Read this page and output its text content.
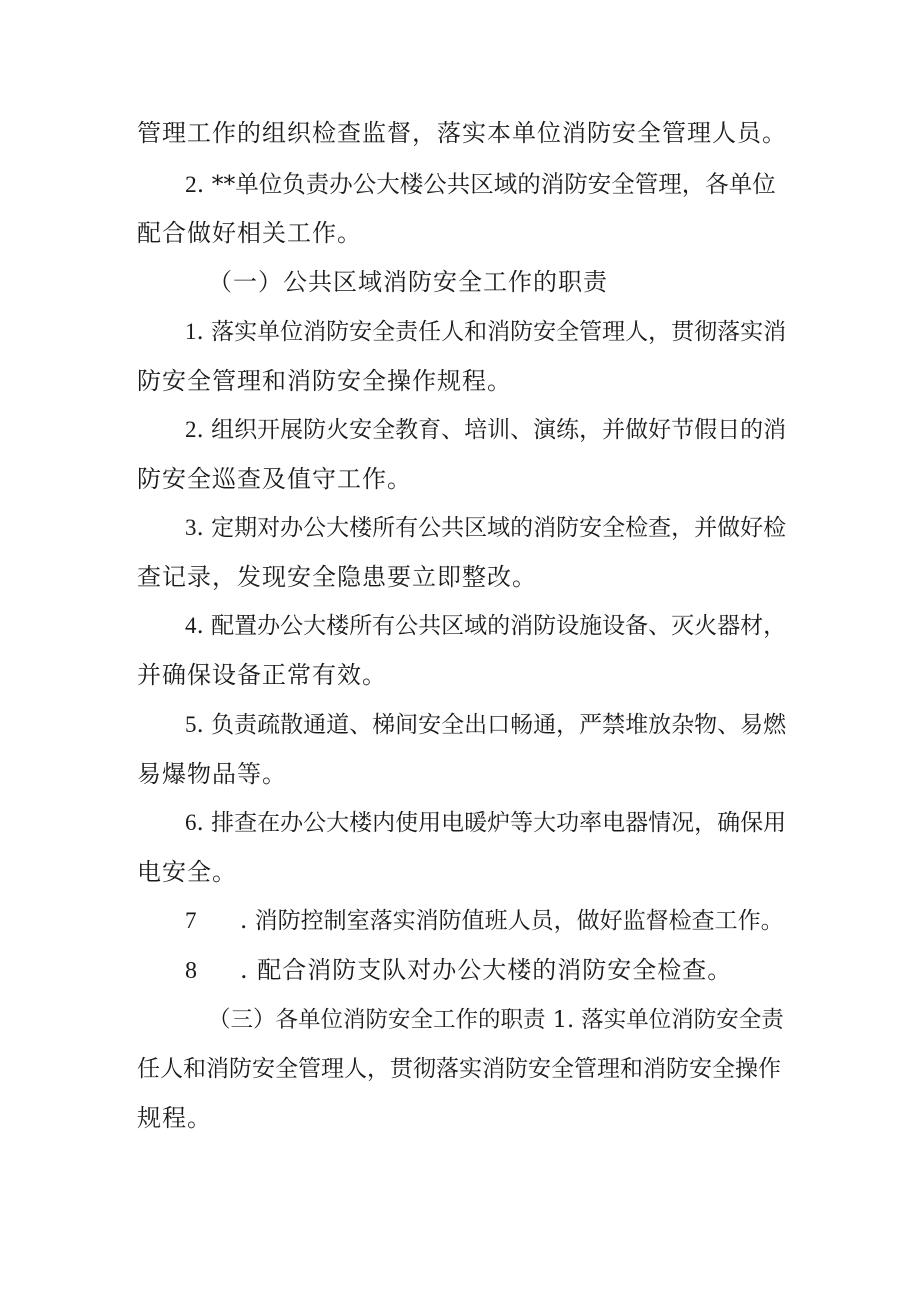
管理工作的组织检查监督，落实本单位消防安全管理人员。
2. **单位负责办公大楼公共区域的消防安全管理，各单位
配合做好相关工作。
（一）公共区域消防安全工作的职责
1. 落实单位消防安全责任人和消防安全管理人，贯彻落实消
防安全管理和消防安全操作规程。
2. 组织开展防火安全教育、培训、演练，并做好节假日的消
防安全巡查及值守工作。
3. 定期对办公大楼所有公共区域的消防安全检查，并做好检
查记录，发现安全隐患要立即整改。
4. 配置办公大楼所有公共区域的消防设施设备、灭火器材，
并确保设备正常有效。
5. 负责疏散通道、梯间安全出口畅通，严禁堆放杂物、易燃
易爆物品等。
6. 排查在办公大楼内使用电暖炉等大功率电器情况，确保用
电安全。
7 . 消防控制室落实消防值班人员，做好监督检查工作。
8 . 配合消防支队对办公大楼的消防安全检查。
（三）各单位消防安全工作的职责 1. 落实单位消防安全责
任人和消防安全管理人，贯彻落实消防安全管理和消防安全操作
规程。
